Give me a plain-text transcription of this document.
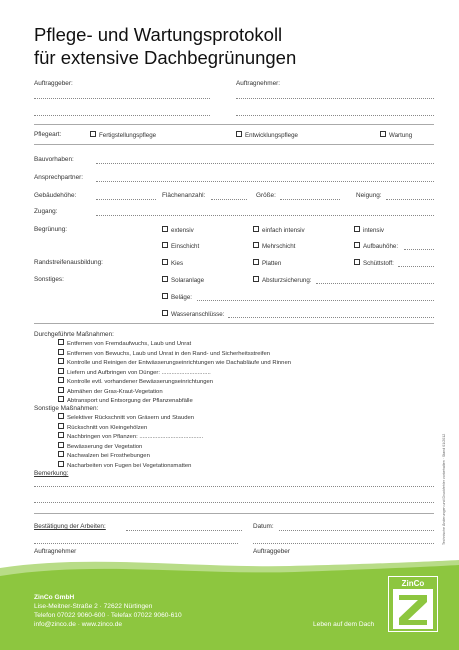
Pflege- und Wartungsprotokoll
für extensive Dachbegrünungen
Auftraggeber:	Auftragnehmer:
Pflegeart:	Fertigstellungspflege	Entwicklungspflege	Wartung
Bauvorhaben:
Ansprechpartner:
Gebäudehöhe:	Flächenanzahl:	Größe:	Neigung:
Zugang:
Begrünung:	extensiv	einfach intensiv	intensiv
Einschicht	Mehrschicht	Aufbauhöhe:
Randstreifenausbildung:	Kies	Platten	Schüttstoff:
Sonstiges:	Solaranlage	Absturzsicherung:
Beläge:
Wasseranschlüsse:
Durchgeführte Maßnahmen:
Entfernen von Fremdaufwuchs, Laub und Unrat
Entfernen von Bewuchs, Laub und Unrat in den Rand- und Sicherheitsstreifen
Kontrolle und Reinigen der Entwässerungseinrichtungen wie Dachabläufe und Rinnen
Liefern und Aufbringen von Dünger: ..............................
Kontrolle evtl. vorhandener Bewässerungseinrichtungen
Abmähen der Gras-Kraut-Vegetation
Abtransport und Entsorgung der Pflanzenabfälle
Sonstige Maßnahmen:
Selektiver Rückschnitt von Gräsern und Stauden
Rückschnitt von Kleingehölzen
Nachbringen von Pflanzen: .......................................
Bewässerung der Vegetation
Nachwalzen bei Frosthebungen
Nacharbeiten von Fugen bei Vegetationsmatten
Bemerkung:
Bestätigung der Arbeiten:	Datum:
Auftragnehmer	Auftraggeber
Technische Änderungen und Druckfehler vorbehalten · Stand 01/2012
ZinCo GmbH
Lise-Meitner-Straße 2 · 72622 Nürtingen
Telefon 07022 9060-600 · Telefax 07022 9060-610
info@zinco.de · www.zinco.de	Leben auf dem Dach
ZinCo
